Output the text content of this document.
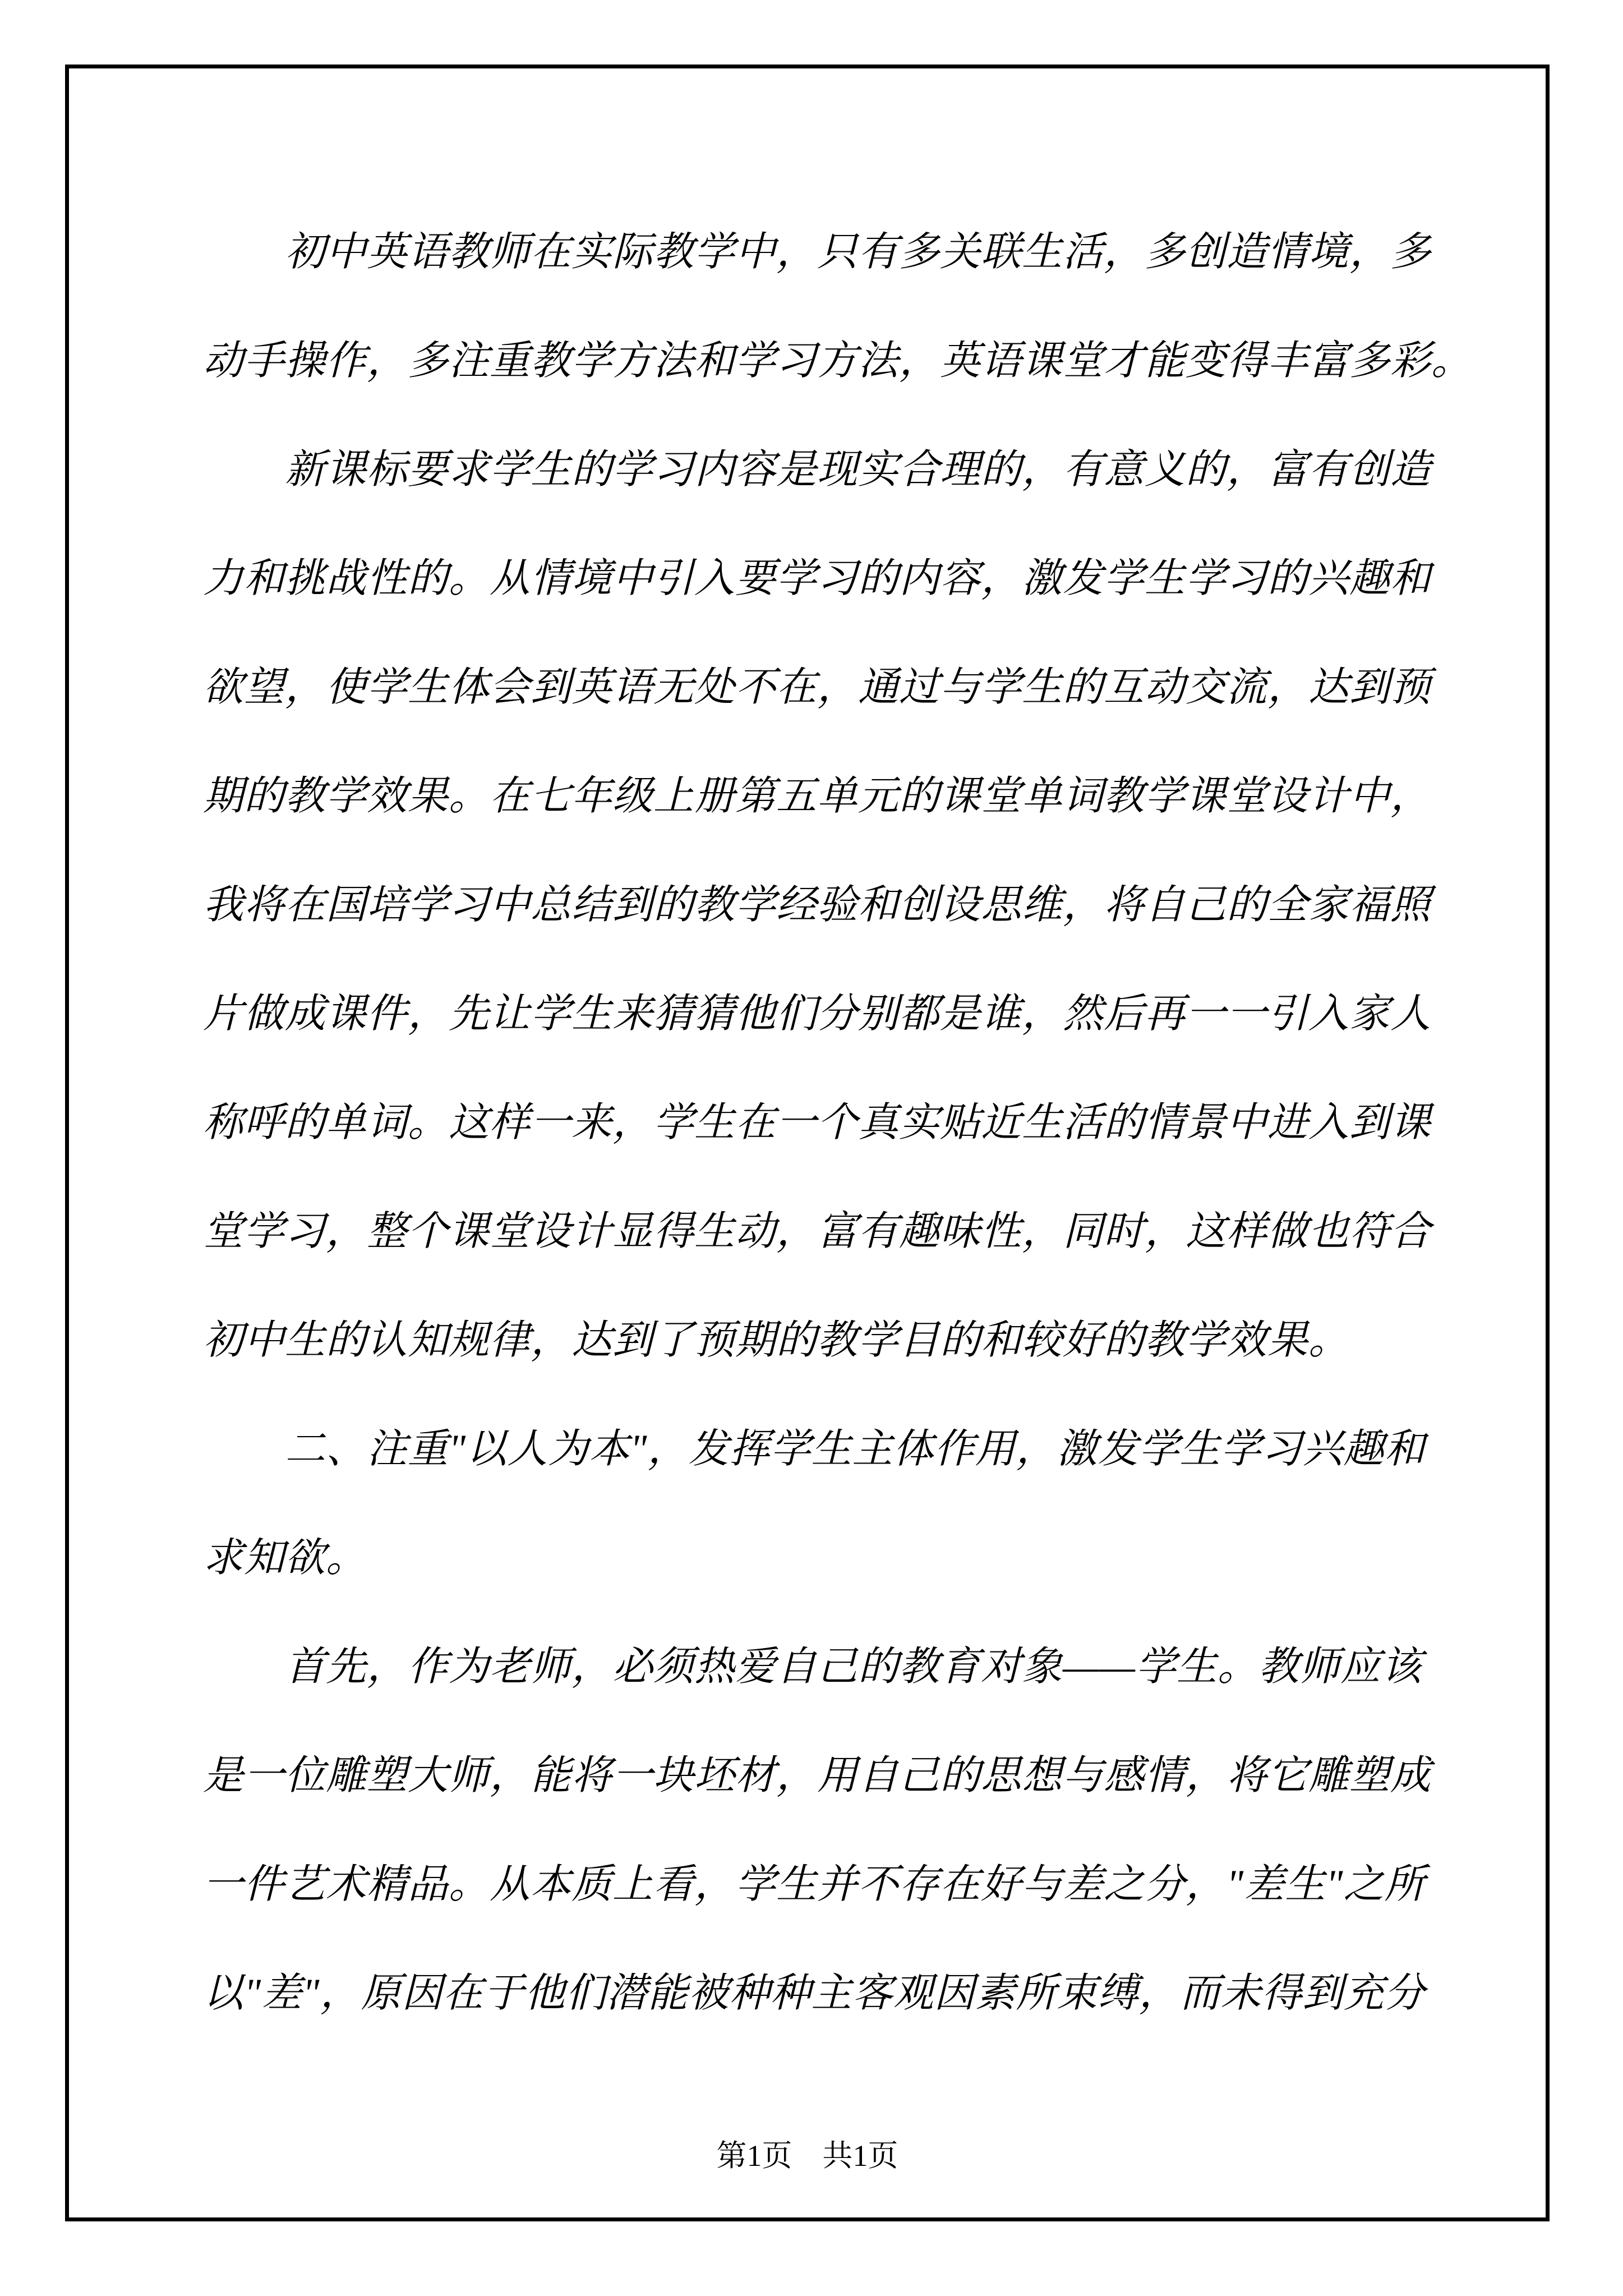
初中英语教师在实际教学中，只有多关联生活，多创造情境，多
动手操作，多注重教学方法和学习方法，英语课堂才能变得丰富多彩。
新课标要求学生的学习内容是现实合理的，有意义的，富有创造
力和挑战性的。从情境中引入要学习的内容，激发学生学习的兴趣和
欲望，使学生体会到英语无处不在，通过与学生的互动交流，达到预
期的教学效果。在七年级上册第五单元的课堂单词教学课堂设计中，
我将在国培学习中总结到的教学经验和创设思维，将自己的全家福照
片做成课件，先让学生来猜猜他们分别都是谁，然后再一一引入家人
称呼的单词。这样一来，学生在一个真实贴近生活的情景中进入到课
堂学习，整个课堂设计显得生动，富有趣味性，同时，这样做也符合
初中生的认知规律，达到了预期的教学目的和较好的教学效果。
二、注重"以人为本"，发挥学生主体作用，激发学生学习兴趣和
求知欲。
首先，作为老师，必须热爱自己的教育对象——学生。教师应该
是一位雕塑大师，能将一块坯材，用自己的思想与感情，将它雕塑成
一件艺术精品。从本质上看，学生并不存在好与差之分，"差生"之所
以"差"，原因在于他们潜能被种种主客观因素所束缚，而未得到充分
第1页　共1页
